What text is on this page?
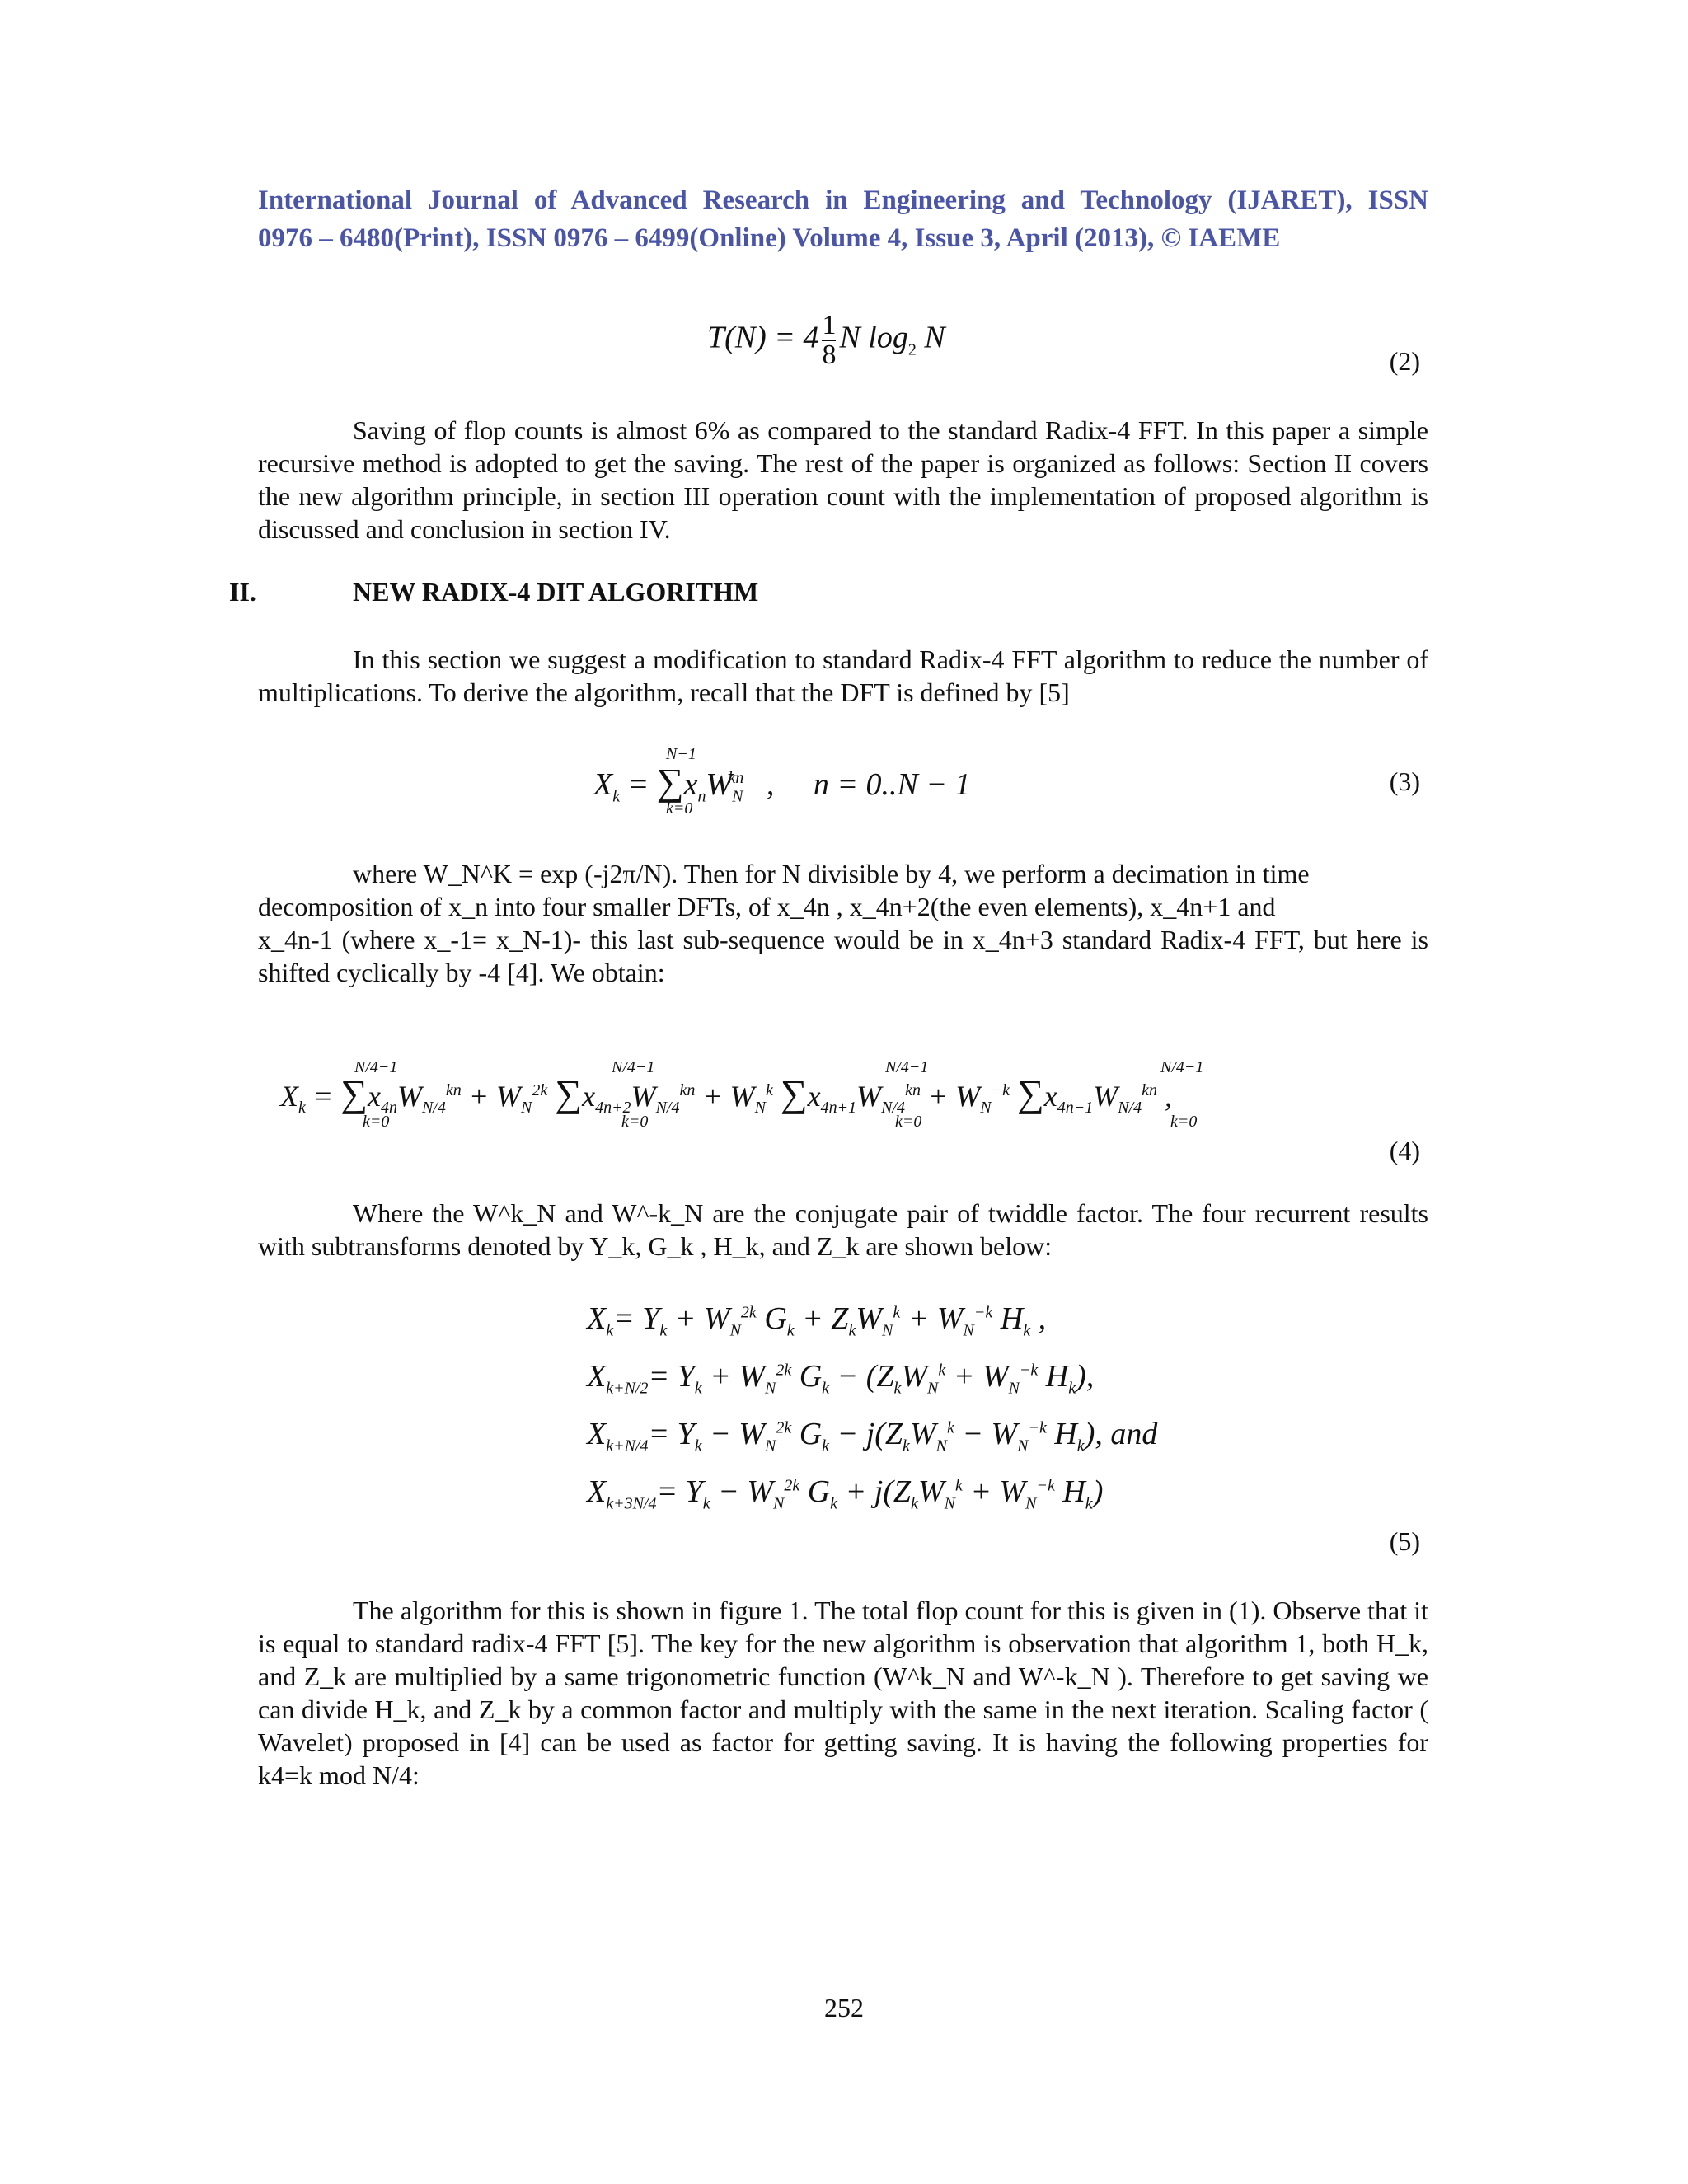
International Journal of Advanced Research in Engineering and Technology (IJARET), ISSN
0976 – 6480(Print), ISSN 0976 – 6499(Online) Volume 4, Issue 3, April (2013), © IAEME
$T(N) = 4 \frac{1}{8}$ N $\log_2 N$
(2)
Saving of flop counts is almost 6% as compared to the standard Radix-4 FFT. In this paper a simple recursive method is adopted to get the saving. The rest of the paper is organized as follows: Section II covers the new algorithm principle, in section III operation count with the implementation of proposed algorithm is discussed and conclusion in section IV.
II.	NEW RADIX-4 DIT ALGORITHM
In this section we suggest a modification to standard Radix-4 FFT algorithm to reduce the number of multiplications. To derive the algorithm, recall that the DFT is defined by [5]
N−1
$X_k = \sum x_nW_N^{kn}$ ,     n = 0..N − 1
k=0
(3)
where W_N^K = exp (-j2π/N). Then for N divisible by 4, we perform a decimation in time
decomposition of x_n into four smaller DFTs, of x_4n , x_4n+2(the even elements), x_4n+1 and
x_4n-1 (where x_-1= x_N-1)- this last sub-sequence would be in x_4n+3 standard Radix-4 FFT, but here is
shifted cyclically by -4 [4]. We obtain:
N/4−1	N/4−1	N/4−1	N/4−1
$X_k = \sum x_{4n}W_{N/4}^{kn} + W_N^{2k}$ $\sum x_{4n+2}W_{N/4}^{kn} + W_N^k$ $\sum x_{4n+1}W_{N/4}^{kn} + W_N^{-k}$ $\sum x_{4n-1}W_{N/4}^{kn}$ ,
k=0	k=0	k=0	k=0
(4)
Where the W^k_N and W^-k_N are the conjugate pair of twiddle factor. The four recurrent results with subtransforms denoted by Y_k, G_k , H_k, and Z_k are shown below:
$X_k= Y_k + W_N^{2k}$ $G_k + Z_kW_N^k + W_N^{-k}$ $H_k$ ,
$X_{k+N/2}= Y_k + W_N^{2k}$ $G_k - (Z_kW_N^k + W_N^{-k}$ $H_k$),
$X_{k+N/4}= Y_k - W_N^{2k}$ $G_k - j(Z_kW_N^k - W_N^{-k}$ $H_k$), and
$X_{k+3N/4}= Y_k - W_N^{2k}$ $G_k + j(Z_kW_N^k + W_N^{-k}$ $H_k$)
(5)
The algorithm for this is shown in figure 1. The total flop count for this is given in (1). Observe that it is equal to standard radix-4 FFT [5]. The key for the new algorithm is observation that algorithm 1, both H_k, and Z_k are multiplied by a same trigonometric function (W^k_N and W^-k_N ). Therefore to get saving we can divide H_k, and Z_k by a common factor and multiply with the same in the next iteration. Scaling factor ( Wavelet) proposed in [4] can be used as factor for getting saving. It is having the following properties for k4=k mod N/4:
252
